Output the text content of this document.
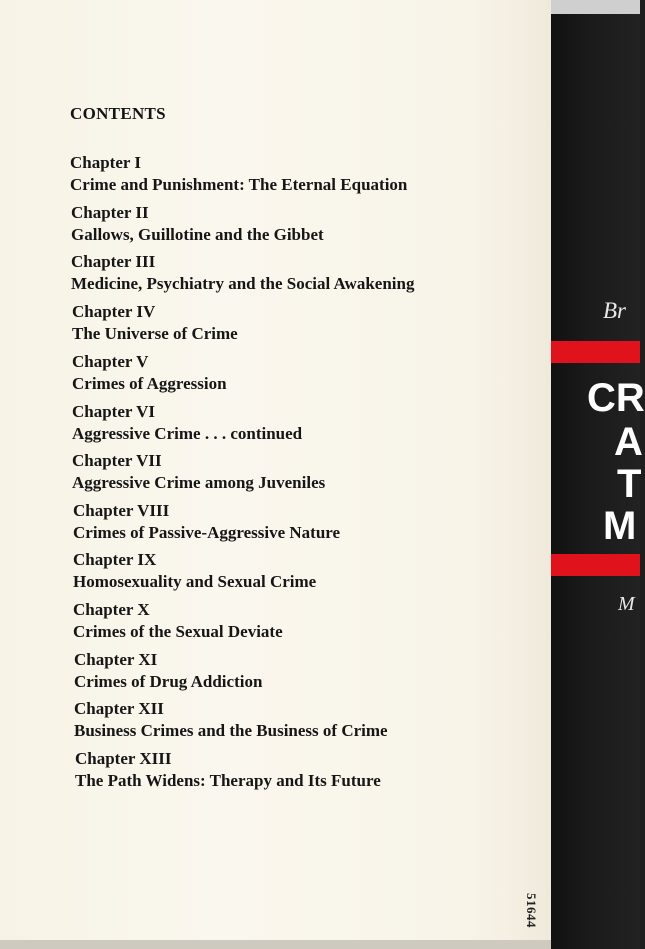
CONTENTS
Chapter I
Crime and Punishment: The Eternal Equation
Chapter II
Gallows, Guillotine and the Gibbet
Chapter III
Medicine, Psychiatry and the Social Awakening
Chapter IV
The Universe of Crime
Chapter V
Crimes of Aggression
Chapter VI
Aggressive Crime . . . continued
Chapter VII
Aggressive Crime among Juveniles
Chapter VIII
Crimes of Passive-Aggressive Nature
Chapter IX
Homosexuality and Sexual Crime
Chapter X
Crimes of the Sexual Deviate
Chapter XI
Crimes of Drug Addiction
Chapter XII
Business Crimes and the Business of Crime
Chapter XIII
The Path Widens: Therapy and Its Future
51644
Br
CR
A
T
M
M
